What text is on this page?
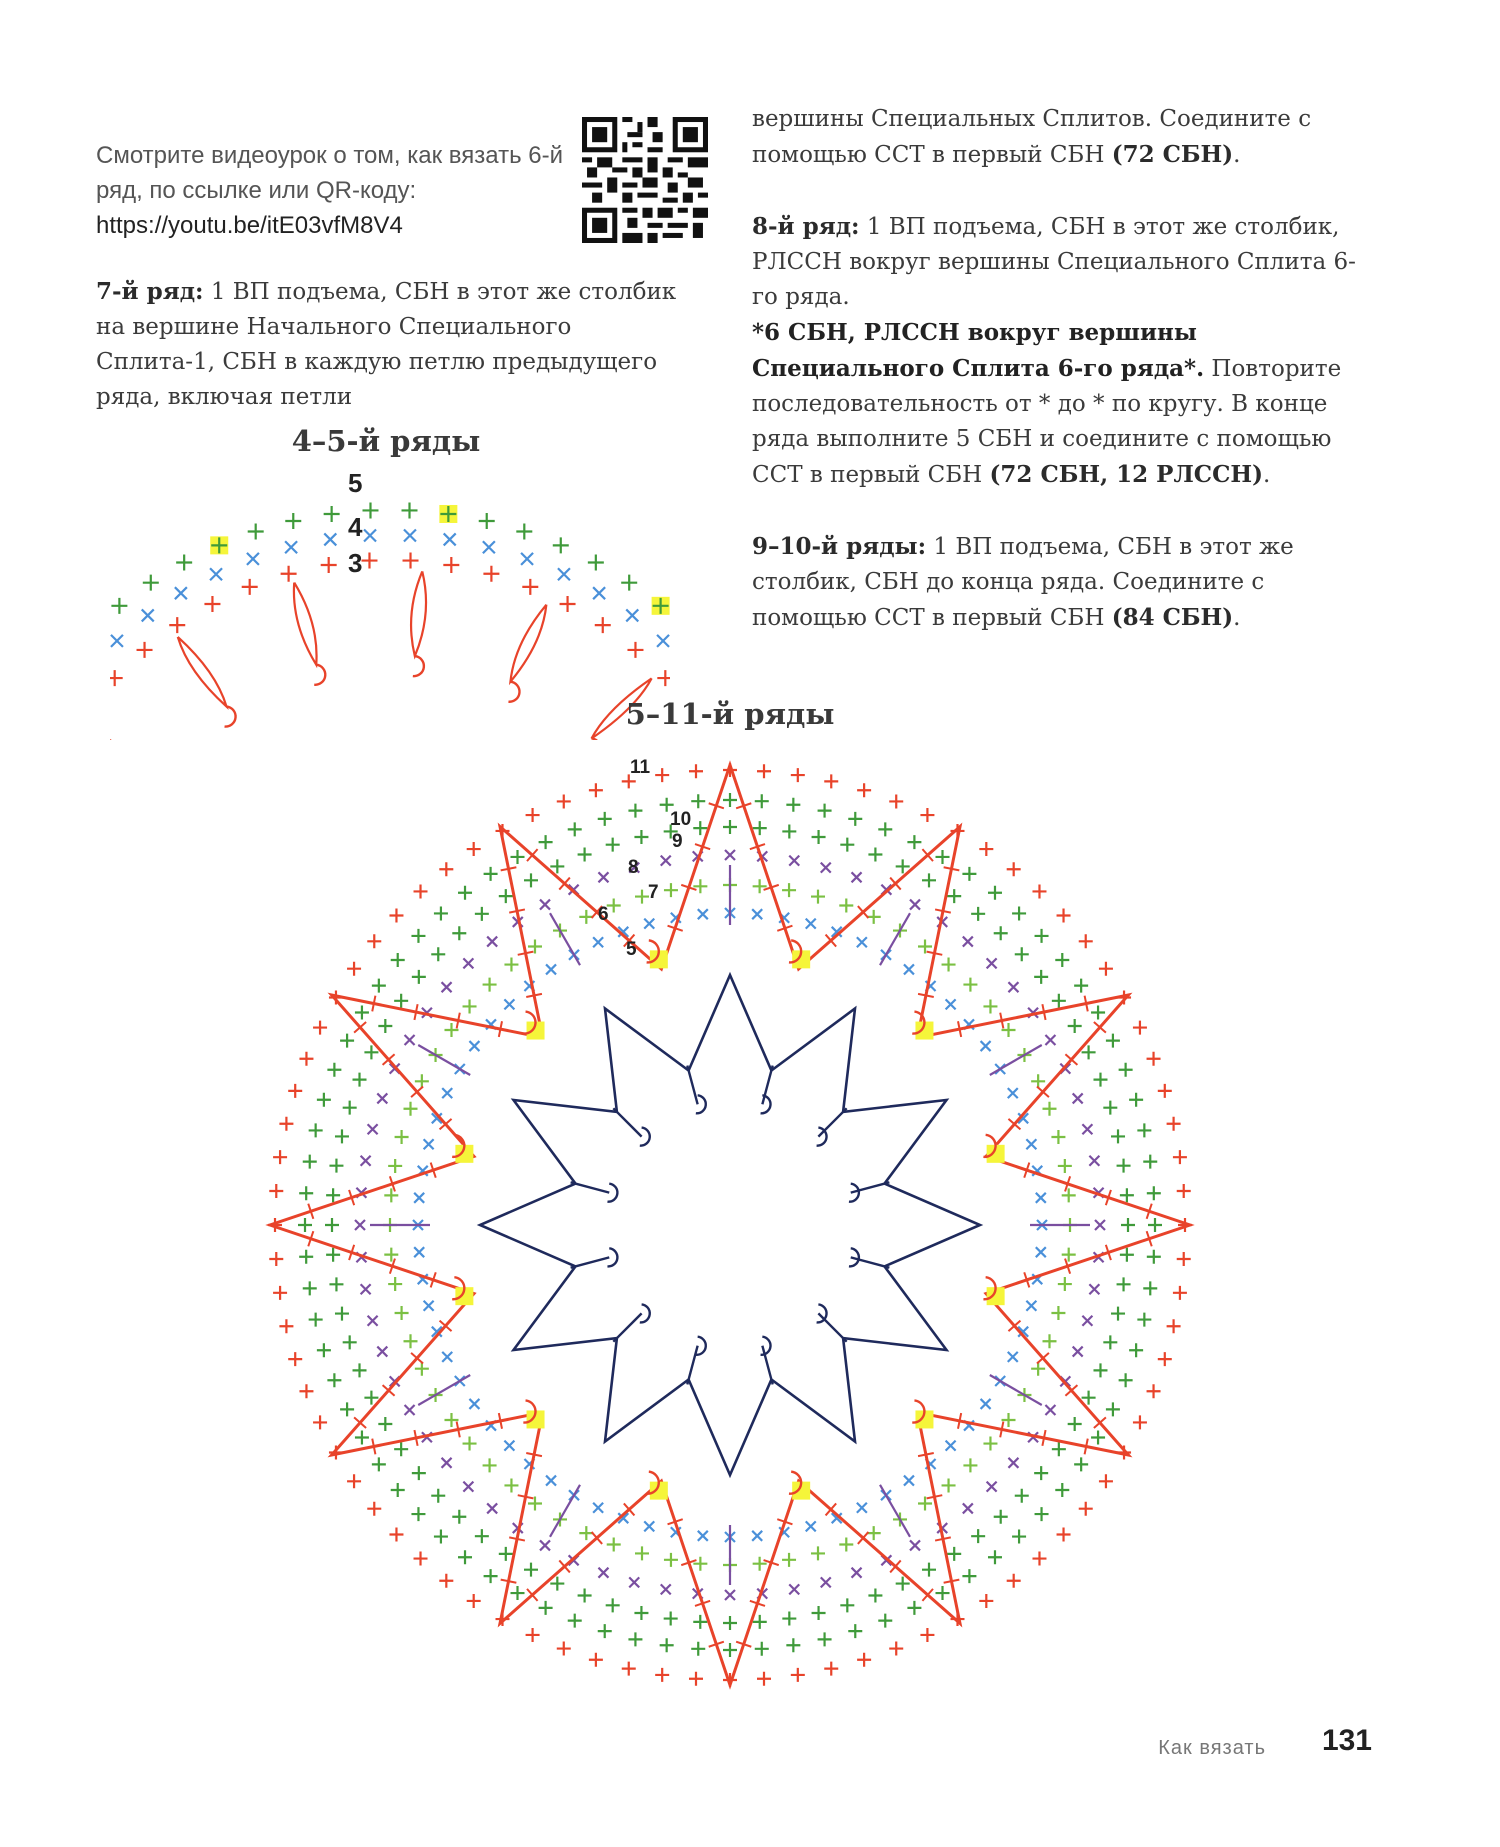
Смотрите видеоурок о том, как вязать 6-й ряд, по ссылке или QR-коду:
https://youtu.be/itE03vfM8V4
7-й ряд: 1 ВП подъема, СБН в этот же столбик на вершине Начального Специального Сплита-1, СБН в каждую петлю предыдущего ряда, включая петли
вершины Специальных Сплитов. Соедините с помощью ССТ в первый СБН (72 СБН).
8-й ряд: 1 ВП подъема, СБН в этот же столбик, РЛССН вокруг вершины Специального Сплита 6-го ряда.
*6 СБН, РЛССН вокруг вершины Специального Сплита 6-го ряда*. Повторите последовательность от * до * по кругу. В конце ряда выполните 5 СБН и соедините с помощью ССТ в первый СБН (72 СБН, 12 РЛССН).
9–10-й ряды: 1 ВП подъема, СБН в этот же столбик, СБН до конца ряда. Соедините с помощью ССТ в первый СБН (84 СБН).
4–5-й ряды
5
4
3
5–11-й ряды
11
10
9
8
7
6
5
Как вязать 131
